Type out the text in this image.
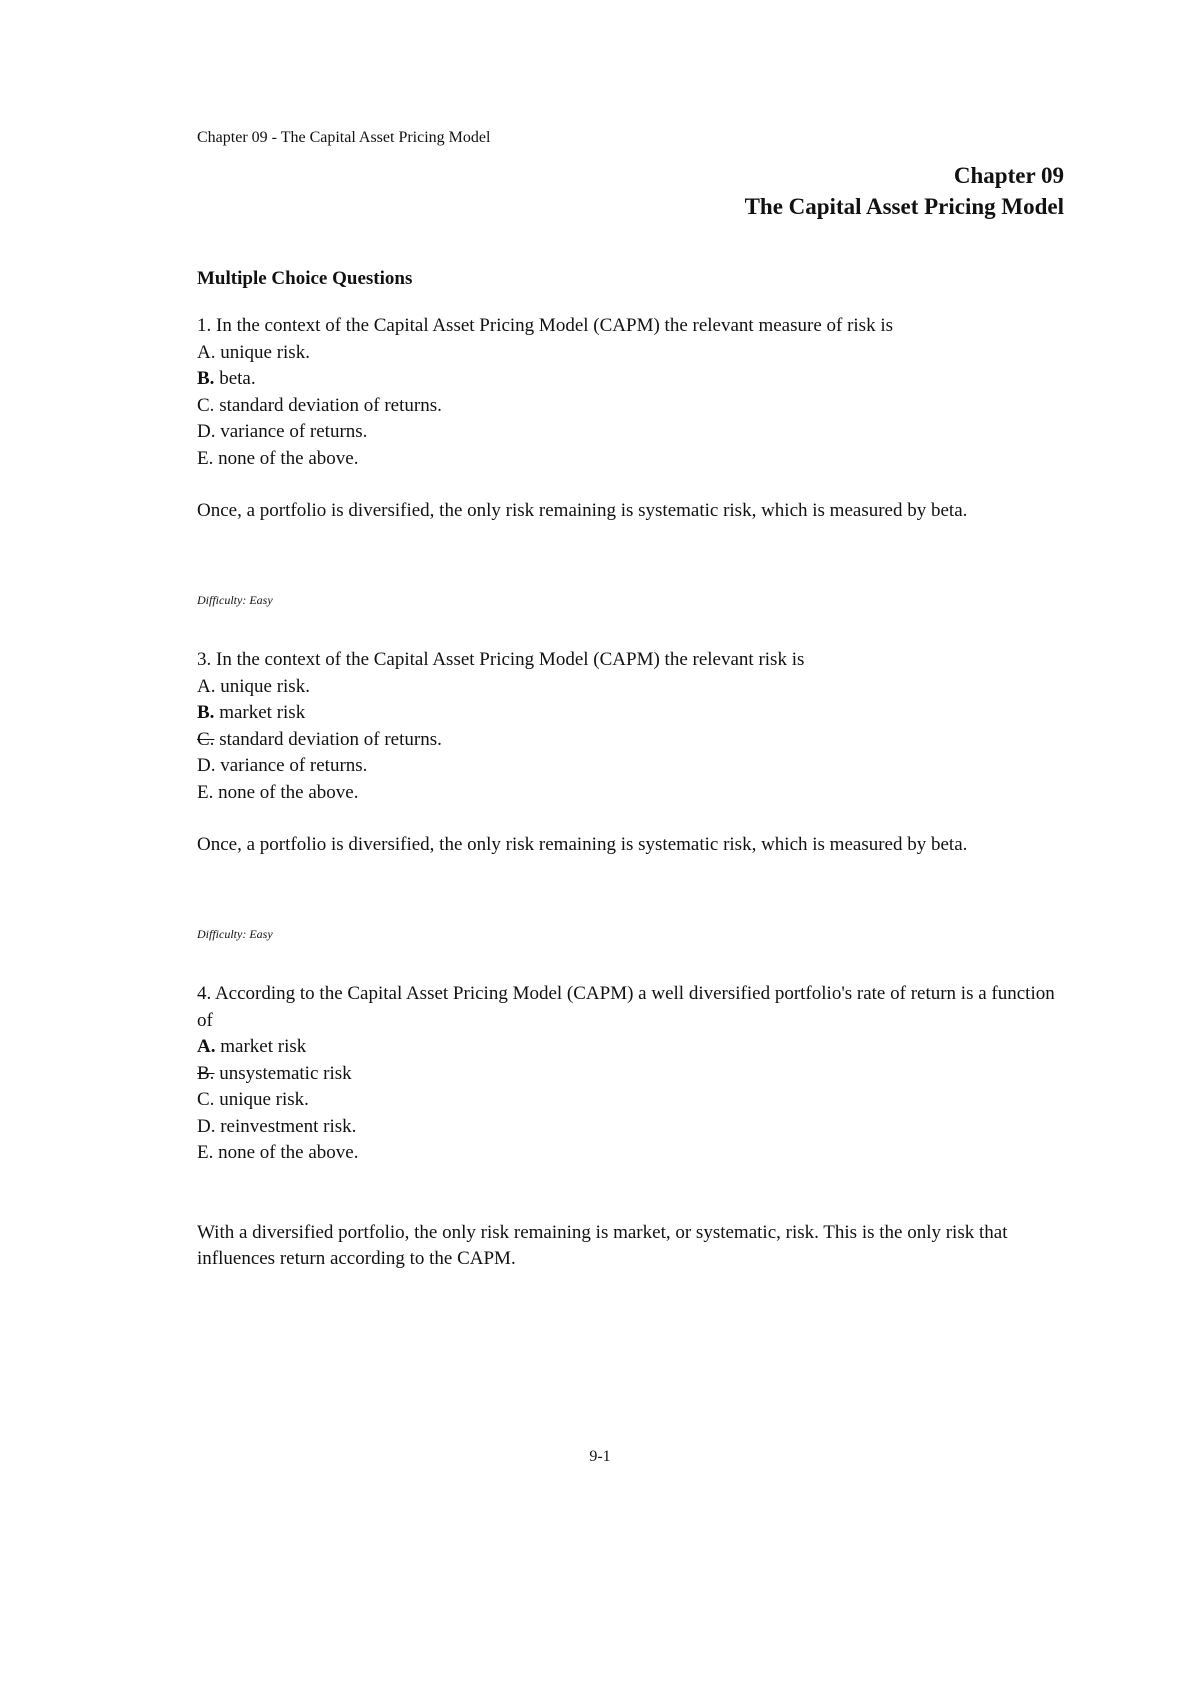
Chapter 09 - The Capital Asset Pricing Model
Chapter 09
The Capital Asset Pricing Model
Multiple Choice Questions

1. In the context of the Capital Asset Pricing Model (CAPM) the relevant measure of risk is

A. unique risk.

B. beta.

C. standard deviation of returns.

D. variance of returns.

E. none of the above.

Once, a portfolio is diversified, the only risk remaining is systematic risk, which is measured by beta.

Difficulty: Easy

3. In the context of the Capital Asset Pricing Model (CAPM) the relevant risk is

A. unique risk.

B. market risk

C. standard deviation of returns.

D. variance of returns.

E. none of the above.

Once, a portfolio is diversified, the only risk remaining is systematic risk, which is measured by beta.

Difficulty: Easy

4. According to the Capital Asset Pricing Model (CAPM) a well diversified portfolio's rate of return is a function of

A. market risk

B. unsystematic risk

C. unique risk.

D. reinvestment risk.

E. none of the above.

With a diversified portfolio, the only risk remaining is market, or systematic, risk. This is the only risk that influences return according to the CAPM.

9-1
